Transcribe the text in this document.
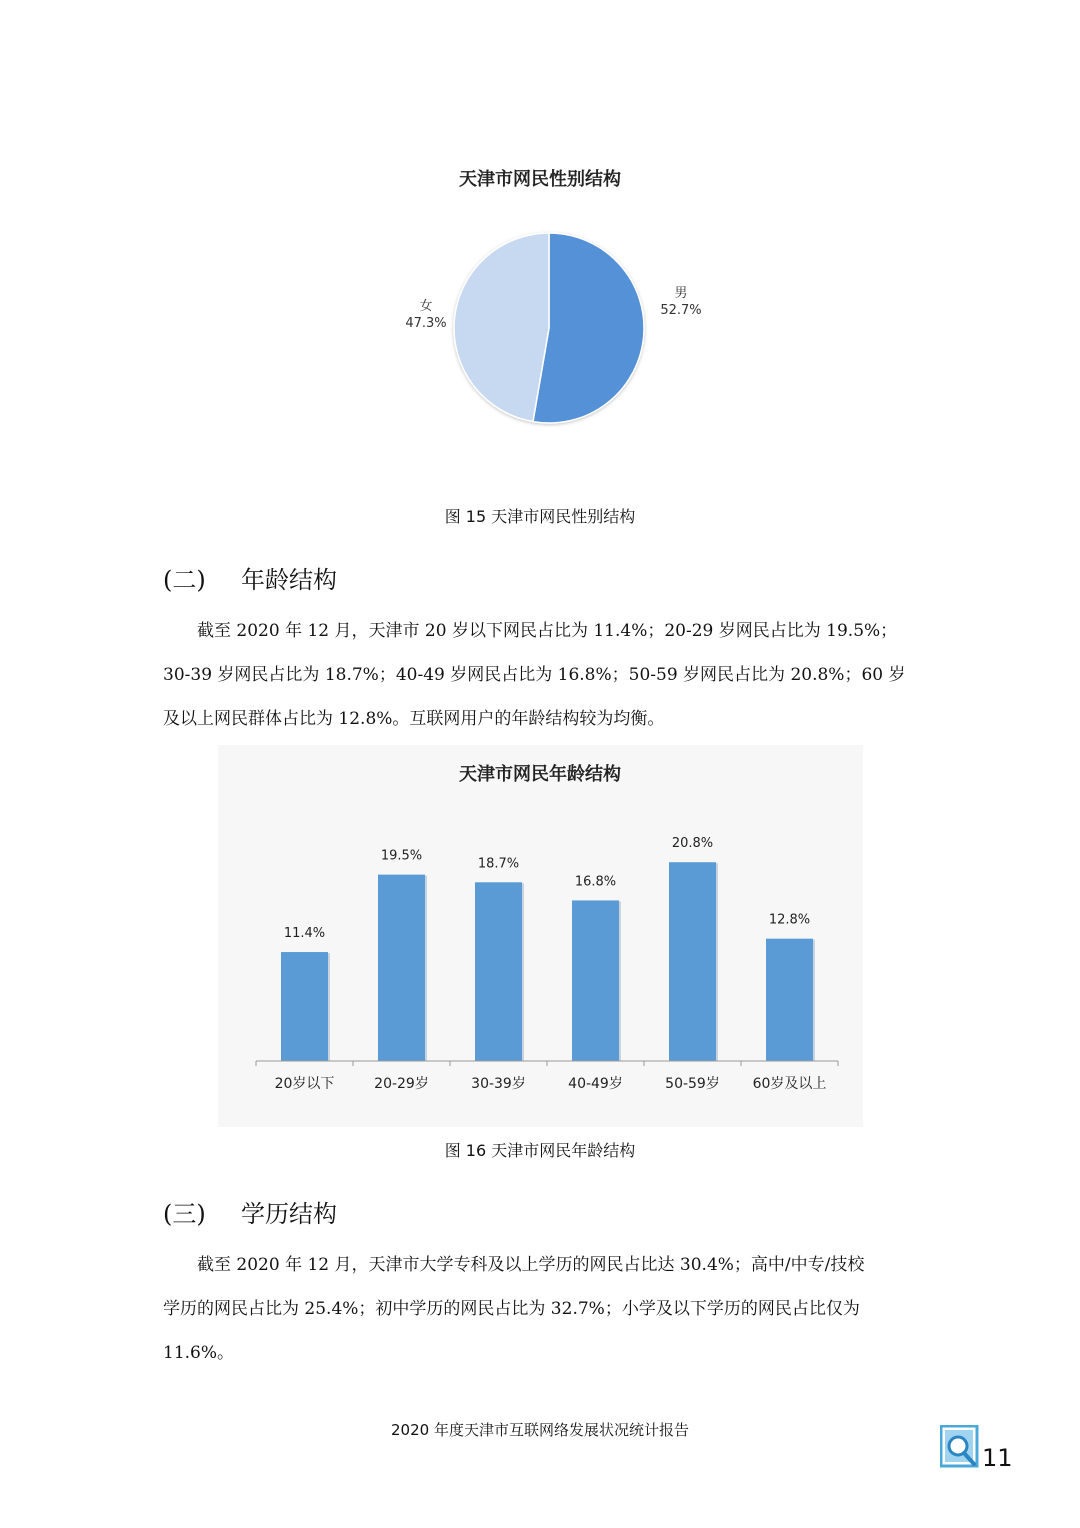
天津市网民性别结构
女
47.3%
男
52.7%
图 15 天津市网民性别结构
(二) 年龄结构

截至 2020 年 12 月，天津市 20 岁以下网民占比为 11.4%；20-29 岁网民占比为 19.5%；

30-39 岁网民占比为 18.7%；40-49 岁网民占比为 16.8%；50-59 岁网民占比为 20.8%；60 岁
及以上网民群体占比为 12.8%。互联网用户的年龄结构较为均衡。
天津市网民年龄结构
11.4%
19.5%
18.7%
16.8%
20.8%
12.8%
20岁以下	20-29岁	30-39岁	40-49岁	50-59岁 60岁及以上
图 16 天津市网民年龄结构
(三) 学历结构

截至 2020 年 12 月，天津市大学专科及以上学历的网民占比达 30.4%；高中/中专/技校

学历的网民占比为 25.4%；初中学历的网民占比为 32.7%；小学及以下学历的网民占比仅为
11.6%。
2020 年度天津市互联网络发展状况统计报告
11
